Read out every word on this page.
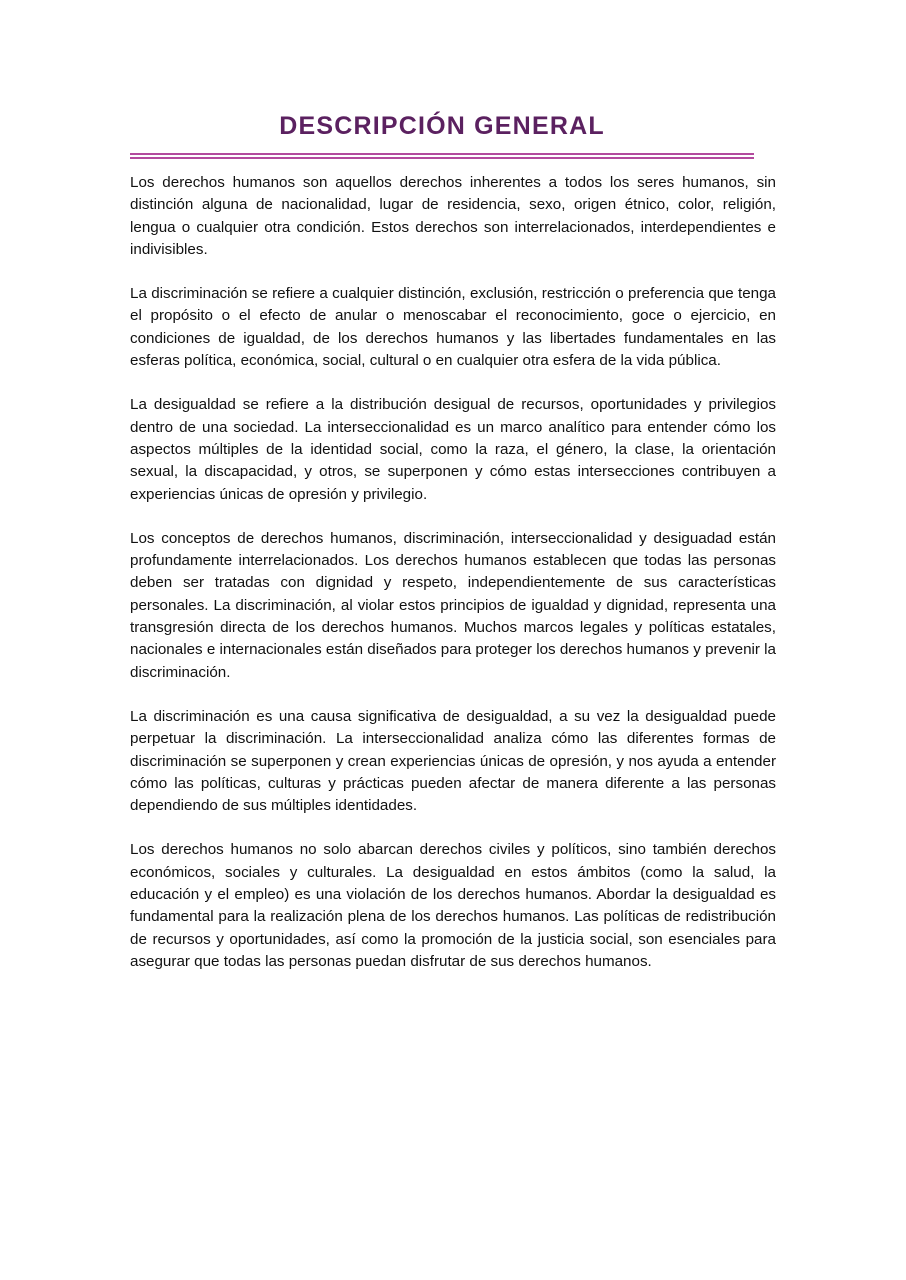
DESCRIPCIÓN GENERAL

Los derechos humanos son aquellos derechos inherentes a todos los seres humanos, sin distinción alguna de nacionalidad, lugar de residencia, sexo, origen étnico, color, religión, lengua o cualquier otra condición. Estos derechos son interrelacionados, interdependientes e indivisibles.

La discriminación se refiere a cualquier distinción, exclusión, restricción o preferencia que tenga el propósito o el efecto de anular o menoscabar el reconocimiento, goce o ejercicio, en condiciones de igualdad, de los derechos humanos y las libertades fundamentales en las esferas política, económica, social, cultural o en cualquier otra esfera de la vida pública.

La desigualdad se refiere a la distribución desigual de recursos, oportunidades y privilegios dentro de una sociedad. La interseccionalidad es un marco analítico para entender cómo los aspectos múltiples de la identidad social, como la raza, el género, la clase, la orientación sexual, la discapacidad, y otros, se superponen y cómo estas intersecciones contribuyen a experiencias únicas de opresión y privilegio.

Los conceptos de derechos humanos, discriminación, interseccionalidad y desiguadad están profundamente interrelacionados. Los derechos humanos establecen que todas las personas deben ser tratadas con dignidad y respeto, independientemente de sus características personales. La discriminación, al violar estos principios de igualdad y dignidad, representa una transgresión directa de los derechos humanos. Muchos marcos legales y políticas estatales, nacionales e internacionales están diseñados para proteger los derechos humanos y prevenir la discriminación.

La discriminación es una causa significativa de desigualdad, a su vez la desigualdad puede perpetuar la discriminación. La interseccionalidad analiza cómo las diferentes formas de discriminación se superponen y crean experiencias únicas de opresión, y nos ayuda a entender cómo las políticas, culturas y prácticas pueden afectar de manera diferente a las personas dependiendo de sus múltiples identidades.

Los derechos humanos no solo abarcan derechos civiles y políticos, sino también derechos económicos, sociales y culturales. La desigualdad en estos ámbitos (como la salud, la educación y el empleo) es una violación de los derechos humanos. Abordar la desigualdad es fundamental para la realización plena de los derechos humanos. Las políticas de redistribución de recursos y oportunidades, así como la promoción de la justicia social, son esenciales para asegurar que todas las personas puedan disfrutar de sus derechos humanos.
